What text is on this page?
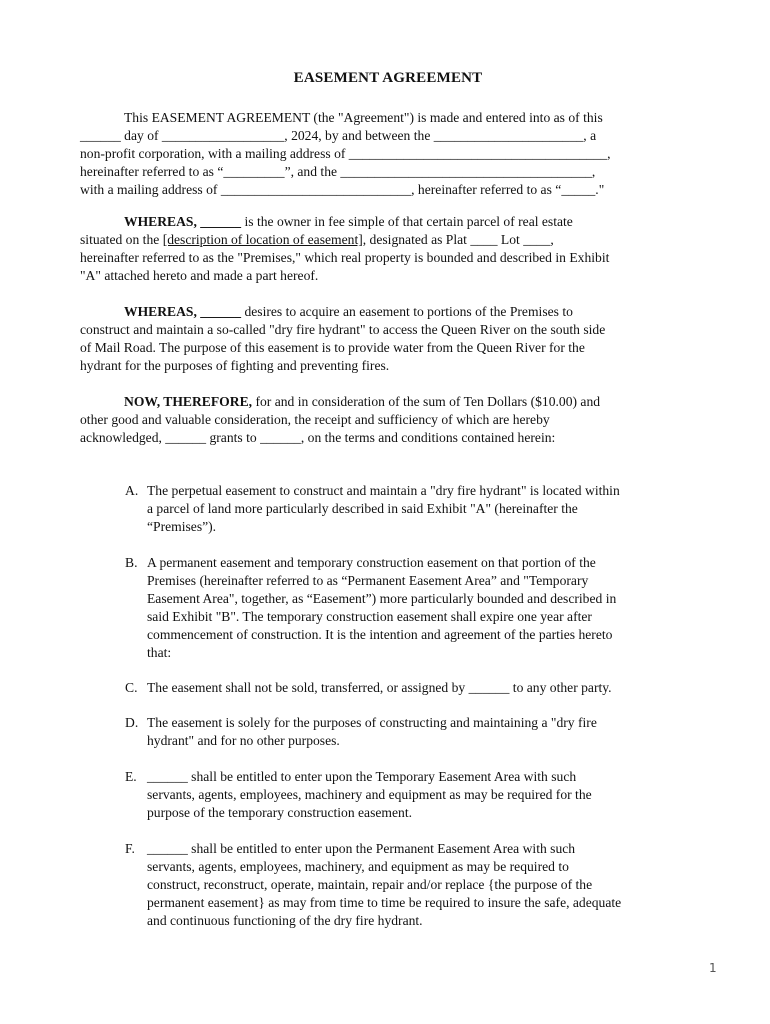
EASEMENT AGREEMENT
This EASEMENT AGREEMENT (the "Agreement") is made and entered into as of this
______ day of __________________, 2024, by and between the ______________________, a
non-profit corporation, with a mailing address of ______________________________________,
hereinafter referred to as “_________”, and the _____________________________________,
with a mailing address of ____________________________, hereinafter referred to as “_____."
WHEREAS, ______ is the owner in fee simple of that certain parcel of real estate
situated on the [description of location of easement], designated as Plat ____ Lot ____,
hereinafter referred to as the "Premises," which real property is bounded and described in Exhibit
"A" attached hereto and made a part hereof.
WHEREAS, ______ desires to acquire an easement to portions of the Premises to
construct and maintain a so-called "dry fire hydrant" to access the Queen River on the south side
of Mail Road. The purpose of this easement is to provide water from the Queen River for the
hydrant for the purposes of fighting and preventing fires.
NOW, THEREFORE, for and in consideration of the sum of Ten Dollars ($10.00) and
other good and valuable consideration, the receipt and sufficiency of which are hereby
acknowledged, ______ grants to ______, on the terms and conditions contained herein:
A. The perpetual easement to construct and maintain a "dry fire hydrant" is located within
a parcel of land more particularly described in said Exhibit "A" (hereinafter the
“Premises”).
B. A permanent easement and temporary construction easement on that portion of the
Premises (hereinafter referred to as “Permanent Easement Area” and "Temporary
Easement Area", together, as “Easement”) more particularly bounded and described in
said Exhibit "B". The temporary construction easement shall expire one year after
commencement of construction. It is the intention and agreement of the parties hereto
that:
C. The easement shall not be sold, transferred, or assigned by ______ to any other party.
D. The easement is solely for the purposes of constructing and maintaining a "dry fire
hydrant" and for no other purposes.
E. ______ shall be entitled to enter upon the Temporary Easement Area with such
servants, agents, employees, machinery and equipment as may be required for the
purpose of the temporary construction easement.
F. ______ shall be entitled to enter upon the Permanent Easement Area with such
servants, agents, employees, machinery, and equipment as may be required to
construct, reconstruct, operate, maintain, repair and/or replace {the purpose of the
permanent easement} as may from time to time be required to insure the safe, adequate
and continuous functioning of the dry fire hydrant.
1
